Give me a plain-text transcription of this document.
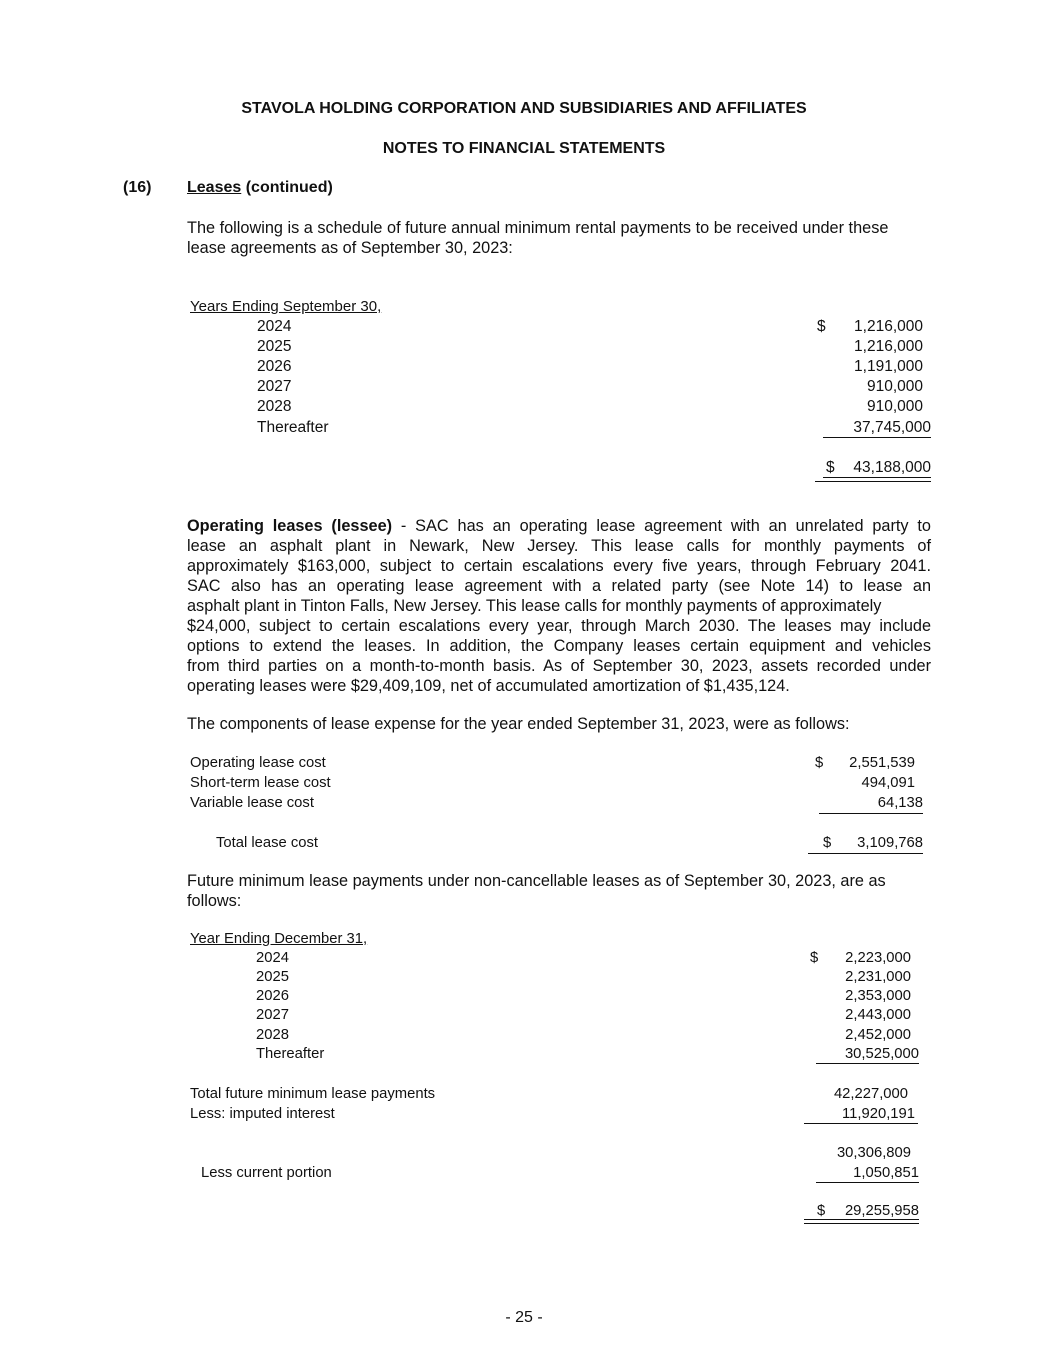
STAVOLA HOLDING CORPORATION AND SUBSIDIARIES AND AFFILIATES

NOTES TO FINANCIAL STATEMENTS

(16) Leases (continued)

The following is a schedule of future annual minimum rental payments to be received under these
lease agreements as of September 30, 2023:

Years Ending September 30,

$

2024	1,216,000

2025	1,216,000

2026	1,191,000

2027	910,000

2028	910,000

Thereafter	37,745,000

$	43,188,000

Operating leases (lessee) - SAC has an operating lease agreement with an unrelated party to
lease an asphalt plant in Newark, New Jersey. This lease calls for monthly payments of
approximately $163,000, subject to certain escalations every five years, through February 2041.
SAC also has an operating lease agreement with a related party (see Note 14) to lease an
asphalt plant in Tinton Falls, New Jersey. This lease calls for monthly payments of approximately
$24,000, subject to certain escalations every year, through March 2030. The leases may include
options to extend the leases. In addition, the Company leases certain equipment and vehicles
from third parties on a month-to-month basis. As of September 30, 2023, assets recorded under
operating leases were $29,409,109, net of accumulated amortization of $1,435,124.

The components of lease expense for the year ended September 31, 2023, were as follows:

$

Operating lease cost	2,551,539

Short-term lease cost	494,091

Variable lease cost	64,138

Total lease cost	$	3,109,768

Future minimum lease payments under non-cancellable leases as of September 30, 2023, are as
follows:

Year Ending December 31,

$

2024	2,223,000

2025	2,231,000

2026	2,353,000

2027	2,443,000

2028	2,452,000

Thereafter	30,525,000

Total future minimum lease payments	42,227,000

Less: imputed interest	11,920,191

30,306,809

Less current portion	1,050,851

$	29,255,958

- 25 -
